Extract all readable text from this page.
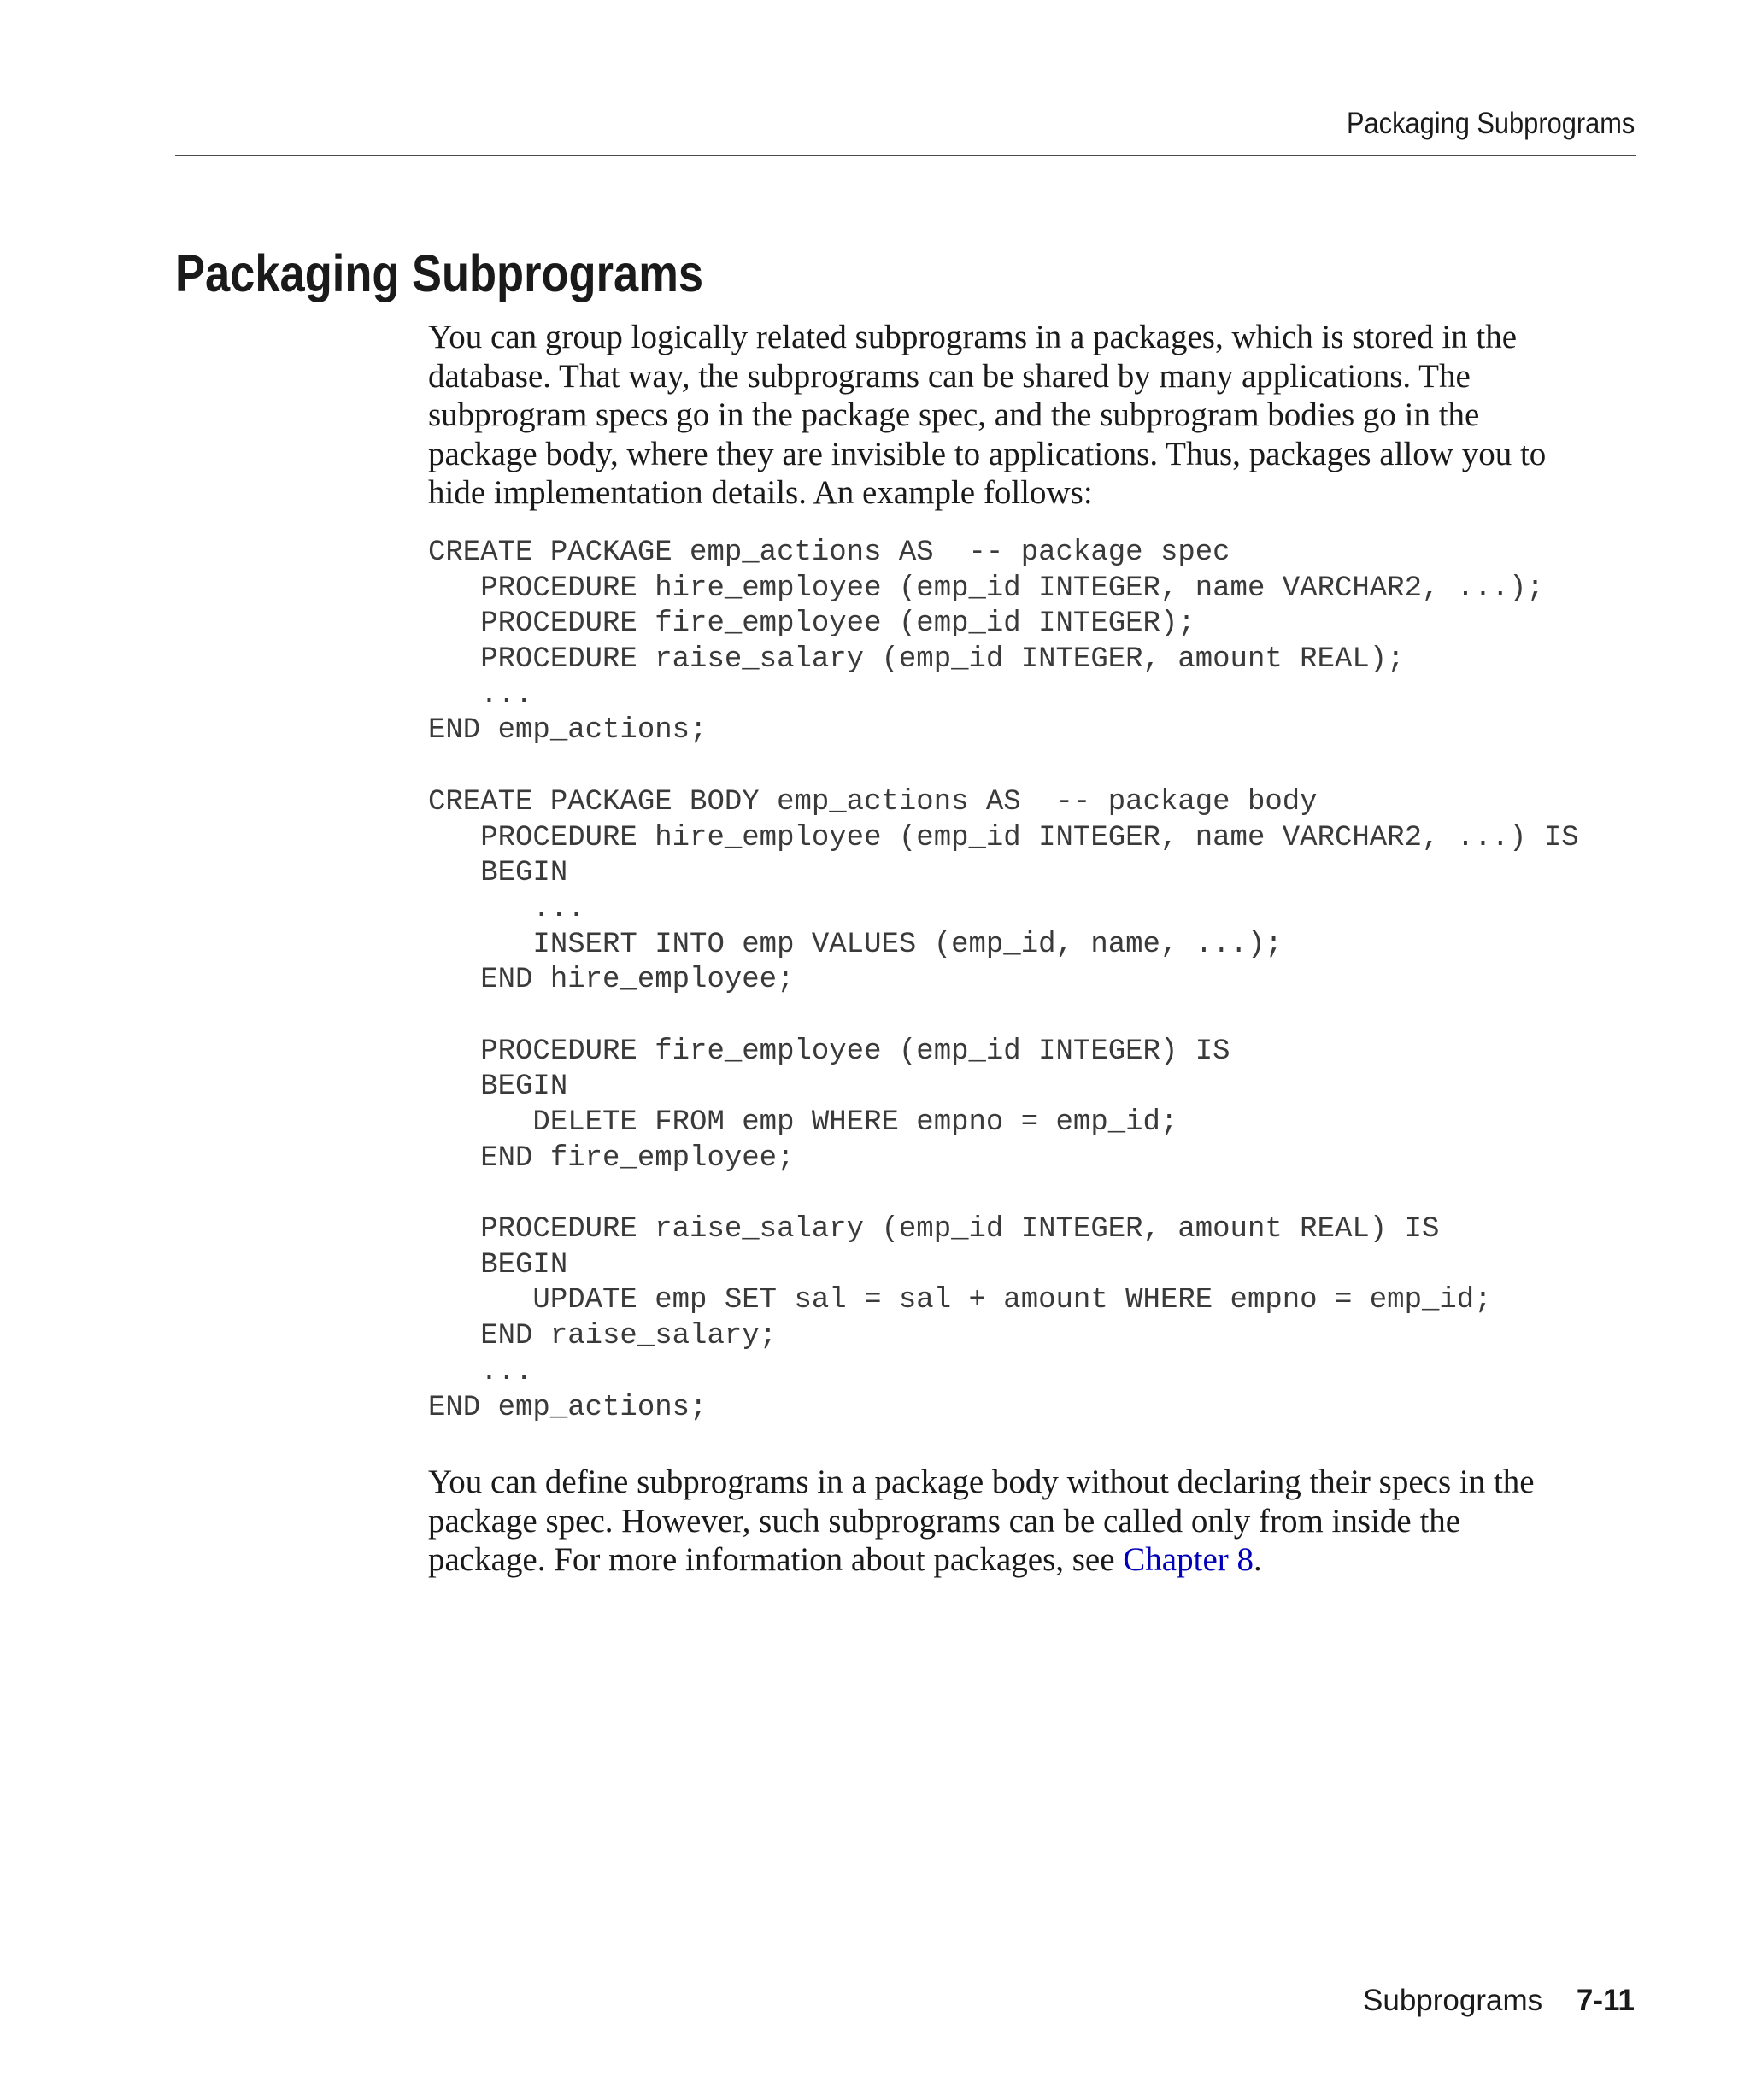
Packaging Subprograms
Packaging Subprograms

You can group logically related subprograms in a packages, which is stored in the
database. That way, the subprograms can be shared by many applications. The
subprogram specs go in the package spec, and the subprogram bodies go in the
package body, where they are invisible to applications. Thus, packages allow you to
hide implementation details. An example follows:

CREATE PACKAGE emp_actions AS  -- package spec
PROCEDURE hire_employee (emp_id INTEGER, name VARCHAR2, ...);
PROCEDURE fire_employee (emp_id INTEGER);
PROCEDURE raise_salary (emp_id INTEGER, amount REAL);
...
END emp_actions;
CREATE PACKAGE BODY emp_actions AS  -- package body
PROCEDURE hire_employee (emp_id INTEGER, name VARCHAR2, ...) IS
BEGIN
...
INSERT INTO emp VALUES (emp_id, name, ...);
END hire_employee;
PROCEDURE fire_employee (emp_id INTEGER) IS
BEGIN
DELETE FROM emp WHERE empno = emp_id;
END fire_employee;
PROCEDURE raise_salary (emp_id INTEGER, amount REAL) IS
BEGIN
UPDATE emp SET sal = sal + amount WHERE empno = emp_id;
END raise_salary;
...
END emp_actions;

You can define subprograms in a package body without declaring their specs in the
package spec. However, such subprograms can be called only from inside the
package. For more information about packages, see Chapter 8.

Subprograms 7-11
